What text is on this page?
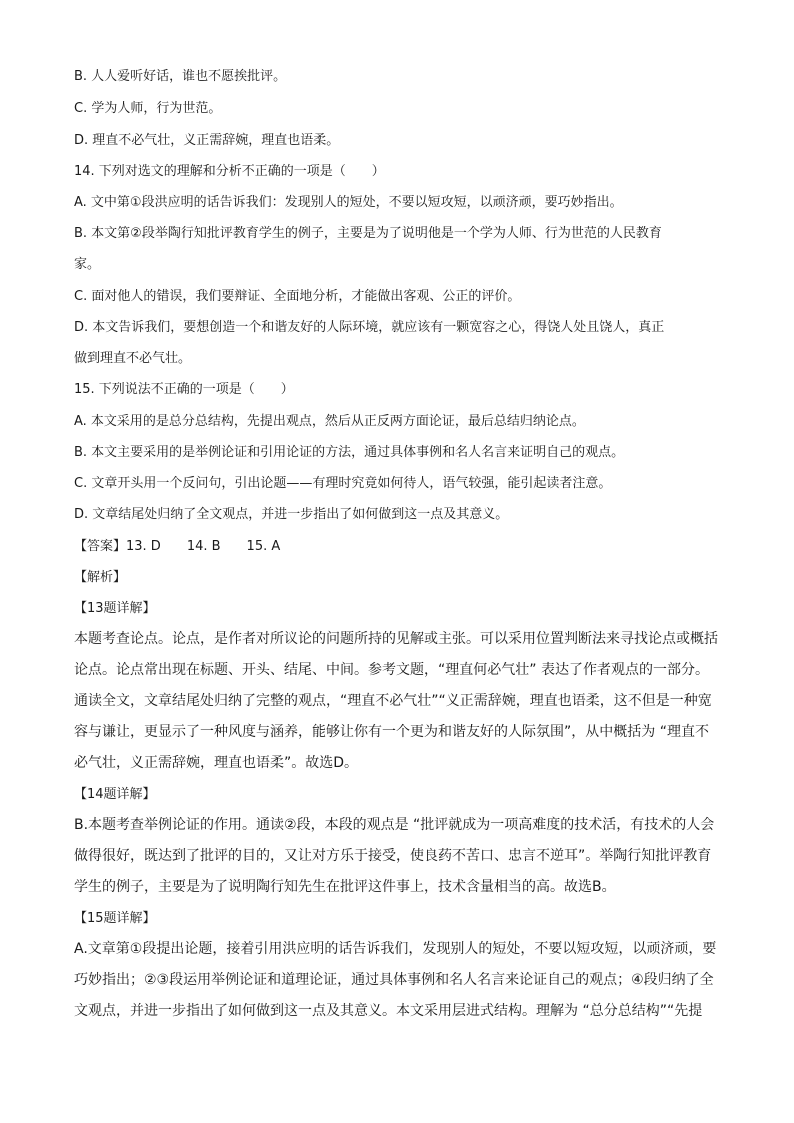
B. 人人爱听好话，谁也不愿挨批评。
C. 学为人师，行为世范。
D. 理直不必气壮，义正需辞婉，理直也语柔。
14. 下列对选文的理解和分析不正确的一项是（　　）
A. 文中第①段洪应明的话告诉我们：发现别人的短处，不要以短攻短，以顽济顽，要巧妙指出。
B. 本文第②段举陶行知批评教育学生的例子，主要是为了说明他是一个学为人师、行为世范的人民教育
家。
C. 面对他人的错误，我们要辩证、全面地分析，才能做出客观、公正的评价。
D. 本文告诉我们，要想创造一个和谐友好的人际环境，就应该有一颗宽容之心，得饶人处且饶人，真正
做到理直不必气壮。
15. 下列说法不正确的一项是（　　）
A. 本文采用的是总分总结构，先提出观点，然后从正反两方面论证，最后总结归纳论点。
B. 本文主要采用的是举例论证和引用论证的方法，通过具体事例和名人名言来证明自己的观点。
C. 文章开头用一个反问句，引出论题——有理时究竟如何待人，语气较强，能引起读者注意。
D. 文章结尾处归纳了全文观点，并进一步指出了如何做到这一点及其意义。
【答案】13. D　　14. B　　15. A
【解析】
【13题详解】
本题考查论点。论点，是作者对所议论的问题所持的见解或主张。可以采用位置判断法来寻找论点或概括
论点。论点常出现在标题、开头、结尾、中间。参考文题，“理直何必气壮” 表达了作者观点的一部分。
通读全文，文章结尾处归纳了完整的观点，“理直不必气壮”“义正需辞婉，理直也语柔，这不但是一种宽
容与谦让，更显示了一种风度与涵养，能够让你有一个更为和谐友好的人际氛围”，从中概括为 “理直不
必气壮，义正需辞婉，理直也语柔”。故选D。
【14题详解】
B.本题考查举例论证的作用。通读②段，本段的观点是 “批评就成为一项高难度的技术活，有技术的人会
做得很好，既达到了批评的目的，又让对方乐于接受，使良药不苦口、忠言不逆耳”。举陶行知批评教育
学生的例子，主要是为了说明陶行知先生在批评这件事上，技术含量相当的高。故选B。
【15题详解】
A.文章第①段提出论题，接着引用洪应明的话告诉我们，发现别人的短处，不要以短攻短，以顽济顽，要
巧妙指出；②③段运用举例论证和道理论证，通过具体事例和名人名言来论证自己的观点；④段归纳了全
文观点，并进一步指出了如何做到这一点及其意义。本文采用层进式结构。理解为 “总分总结构”“先提
